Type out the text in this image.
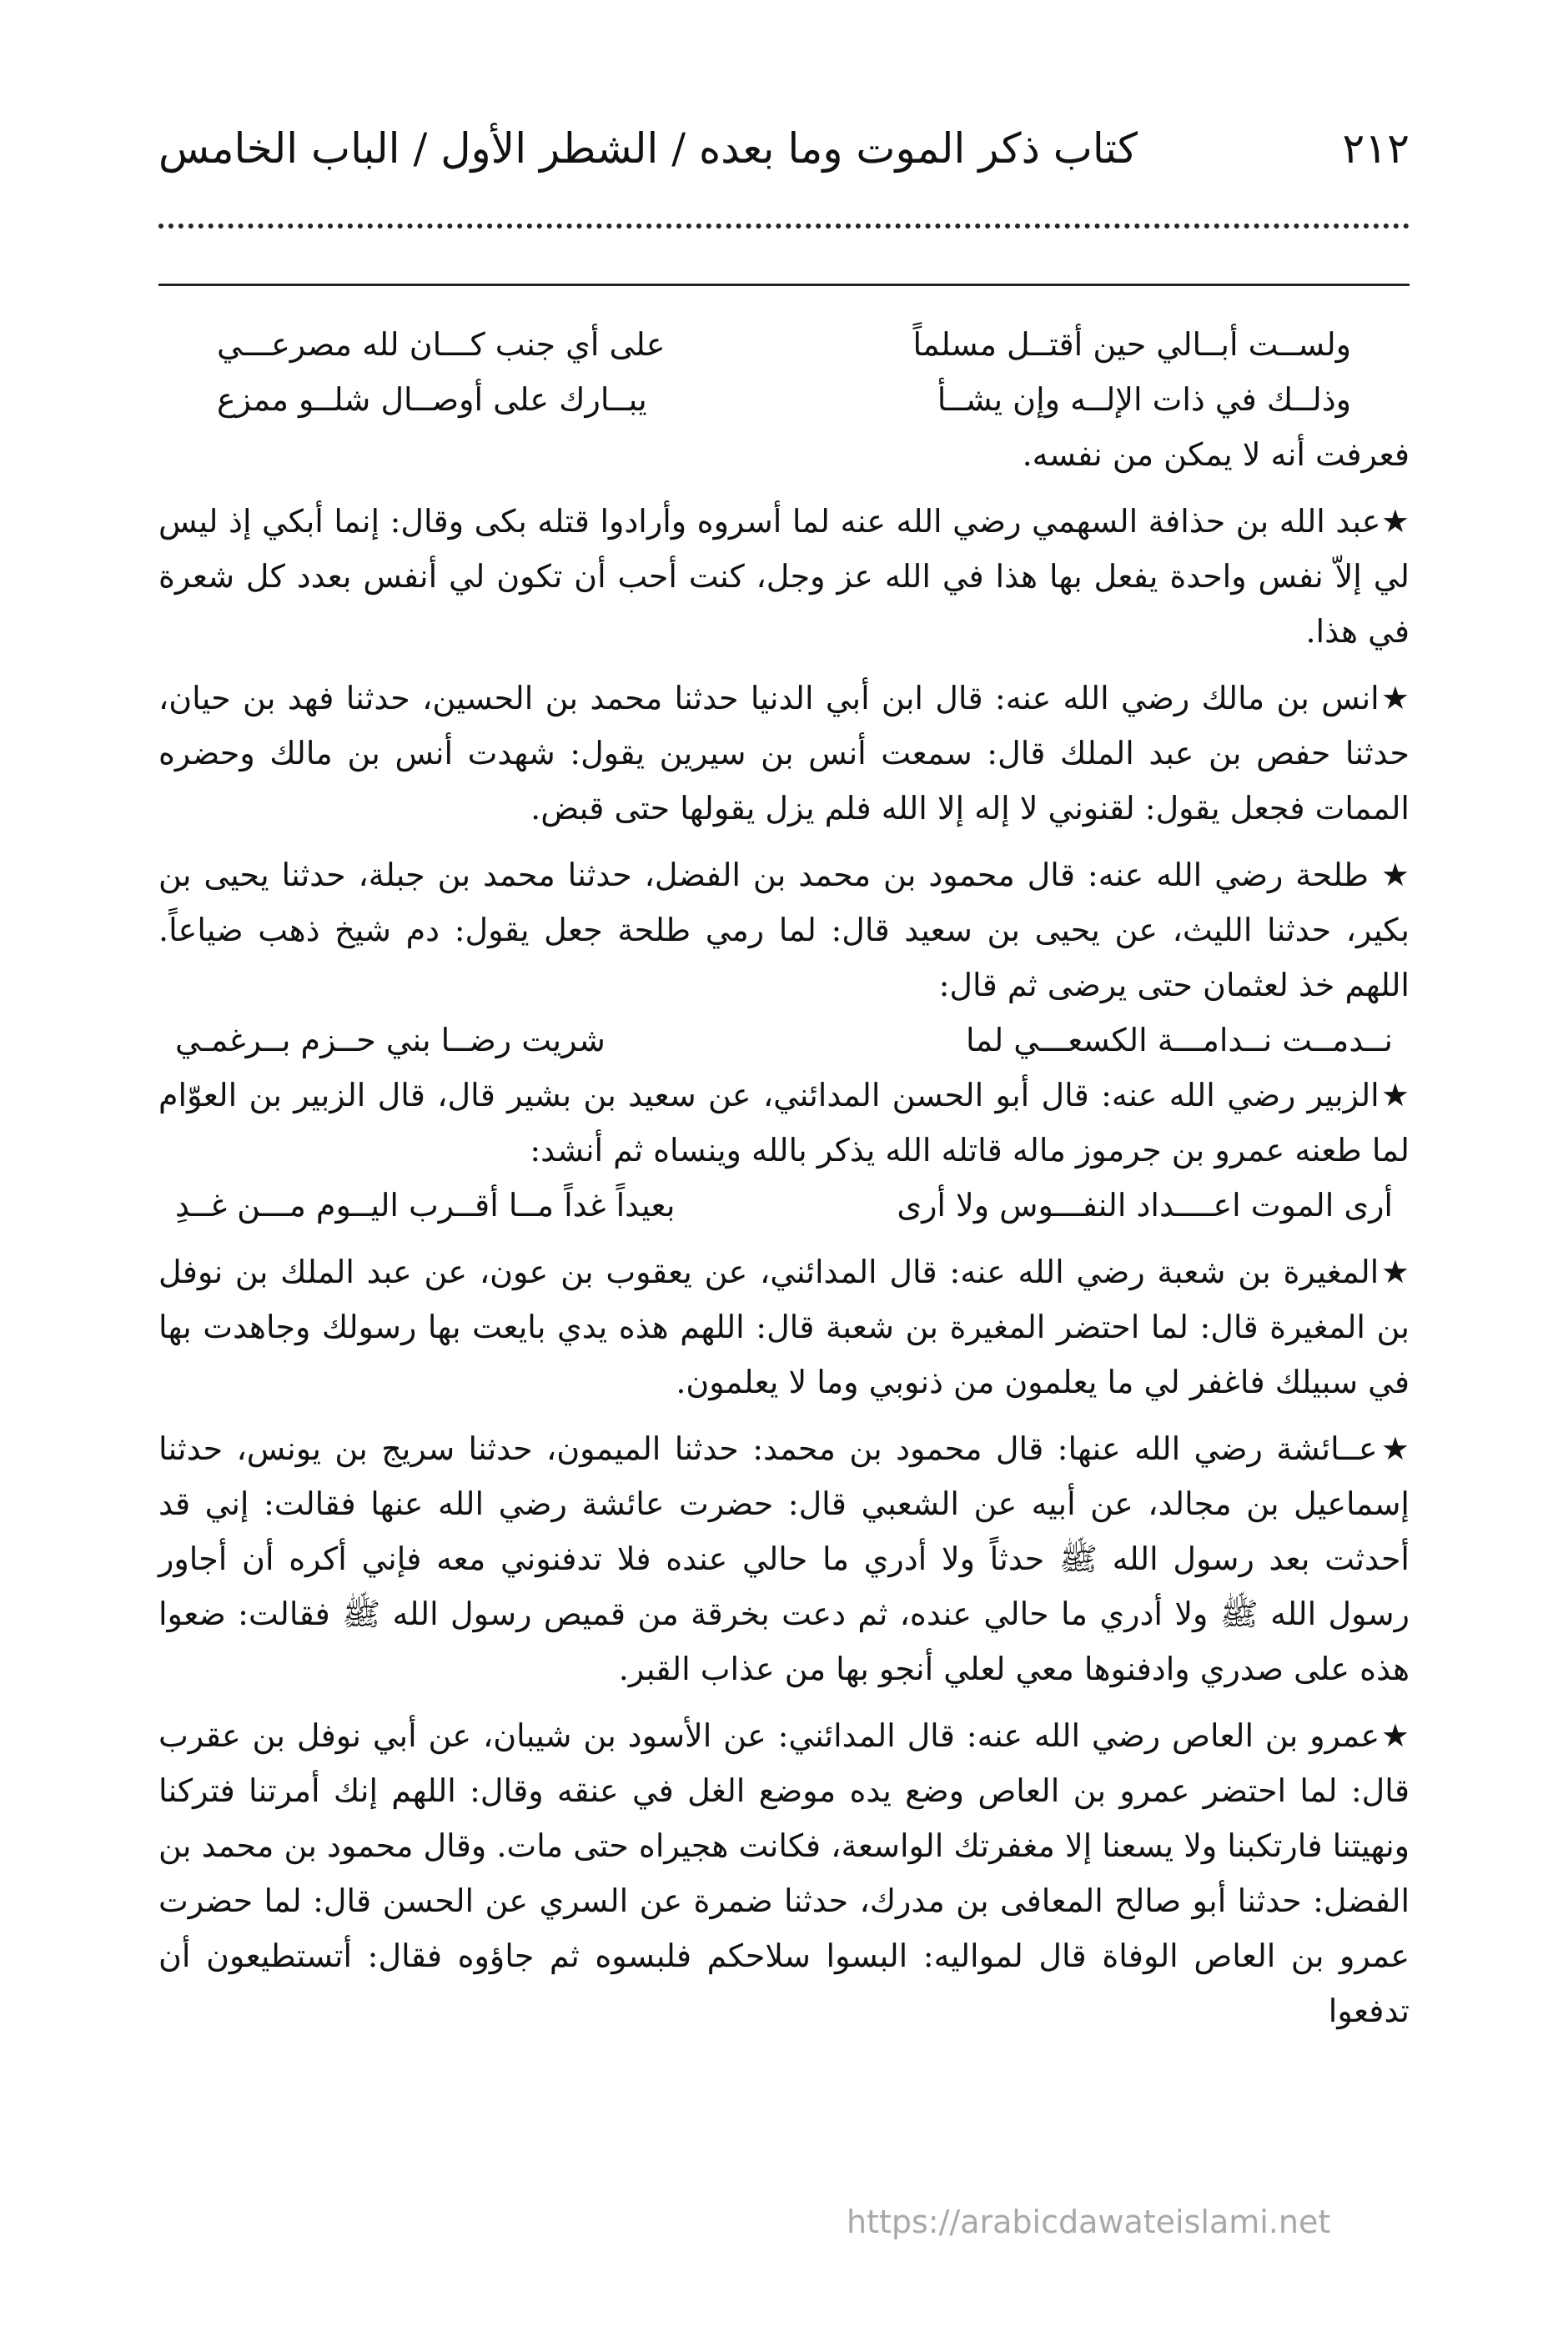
٢١٢
كتاب ذكر الموت وما بعده / الشطر الأول / الباب الخامس
ولســت أبــالي حين أقتــل مسلماً
على أي جنب كـــان لله مصرعـــي
وذلــك في ذات الإلــه وإن يشــأ
يبــارك على أوصــال شلــو ممزع

فعرفت أنه لا يمكن من نفسه.

★عبد الله بن حذافة السهمي رضي الله عنه لما أسروه وأرادوا قتله بكى وقال: إنما أبكي إذ ليس لي إلاّ نفس واحدة يفعل بها هذا في الله عز وجل، كنت أحب أن تكون لي أنفس بعدد كل شعرة في هذا.

★انس بن مالك رضي الله عنه: قال ابن أبي الدنيا حدثنا محمد بن الحسين، حدثنا فهد بن حيان، حدثنا حفص بن عبد الملك قال: سمعت أنس بن سيرين يقول: شهدت أنس بن مالك وحضره الممات فجعل يقول: لقنوني لا إله إلا الله فلم يزل يقولها حتى قبض.

★ طلحة رضي الله عنه: قال محمود بن محمد بن الفضل، حدثنا محمد بن جبلة، حدثنا يحيى بن بكير، حدثنا الليث، عن يحيى بن سعيد قال: لما رمي طلحة جعل يقول: دم شيخ ذهب ضياعاً. اللهم خذ لعثمان حتى يرضى ثم قال:

نــدمــت نــدامـــة الكسعـــي لما
شريت رضــا بني حــزم بــرغمـي

★الزبير رضي الله عنه: قال أبو الحسن المدائني، عن سعيد بن بشير قال، قال الزبير بن العوّام لما طعنه عمرو بن جرموز ماله قاتله الله يذكر بالله وينساه ثم أنشد:

أرى الموت اعــــداد النفـــوس ولا أرى
بعيداً غداً مــا أقــرب اليــوم مـــن غــدِ

★المغيرة بن شعبة رضي الله عنه: قال المدائني، عن يعقوب بن عون، عن عبد الملك بن نوفل بن المغيرة قال: لما احتضر المغيرة بن شعبة قال: اللهم هذه يدي بايعت بها رسولك وجاهدت بها في سبيلك فاغفر لي ما يعلمون من ذنوبي وما لا يعلمون.

★عــائشة رضي الله عنها: قال محمود بن محمد: حدثنا الميمون، حدثنا سريج بن يونس، حدثنا إسماعيل بن مجالد، عن أبيه عن الشعبي قال: حضرت عائشة رضي الله عنها فقالت: إني قد أحدثت بعد رسول الله ﷺ حدثاً ولا أدري ما حالي عنده فلا تدفنوني معه فإني أكره أن أجاور رسول الله ﷺ ولا أدري ما حالي عنده، ثم دعت بخرقة من قميص رسول الله ﷺ فقالت: ضعوا هذه على صدري وادفنوها معي لعلي أنجو بها من عذاب القبر.

★عمرو بن العاص رضي الله عنه: قال المدائني: عن الأسود بن شيبان، عن أبي نوفل بن عقرب قال: لما احتضر عمرو بن العاص وضع يده موضع الغل في عنقه وقال: اللهم إنك أمرتنا فتركنا ونهيتنا فارتكبنا ولا يسعنا إلا مغفرتك الواسعة، فكانت هجيراه حتى مات. وقال محمود بن محمد بن الفضل: حدثنا أبو صالح المعافى بن مدرك، حدثنا ضمرة عن السري عن الحسن قال: لما حضرت عمرو بن العاص الوفاة قال لمواليه: البسوا سلاحكم فلبسوه ثم جاؤوه فقال: أتستطيعون أن تدفعوا

https://arabicdawateislami.net
